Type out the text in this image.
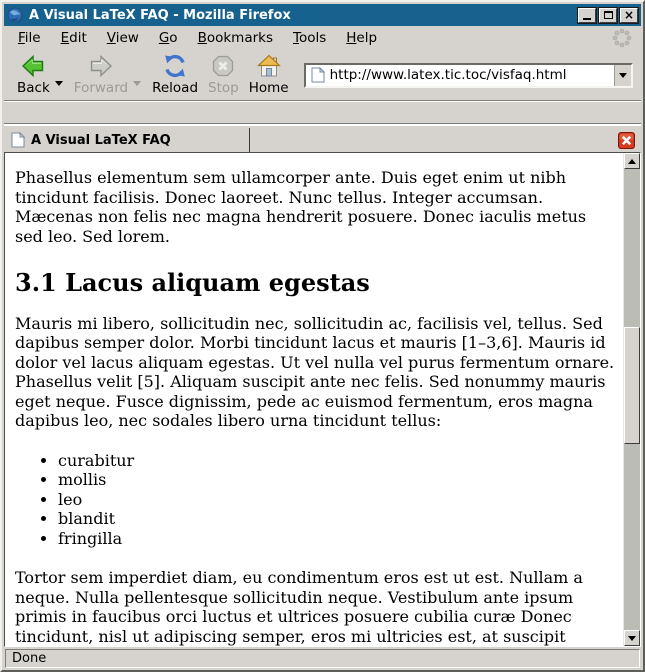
A Visual LaTeX FAQ - Mozilla Firefox	×
File	Edit	View	Go	Bookmarks	Tools	Help
Back Forward Reload Stop Home
http://www.latex.tic.toc/visfaq.html
A Visual LaTeX FAQ

Phasellus elementum sem ullamcorper ante. Duis eget enim ut nibh tincidunt facilisis. Donec laoreet. Nunc tellus. Integer accumsan. Mæcenas non felis nec magna hendrerit posuere. Donec iaculis metus sed leo. Sed lorem.

3.1 Lacus aliquam egestas

Mauris mi libero, sollicitudin nec, sollicitudin ac, facilisis vel, tellus. Sed dapibus semper dolor. Morbi tincidunt lacus et mauris [1–3,6]. Mauris id dolor vel lacus aliquam egestas. Ut vel nulla vel purus fermentum ornare. Phasellus velit [5]. Aliquam suscipit ante nec felis. Sed nonummy mauris eget neque. Fusce dignissim, pede ac euismod fermentum, eros magna dapibus leo, nec sodales libero urna tincidunt tellus:

• curabitur
• mollis
• leo
• blandit
• fringilla

Tortor sem imperdiet diam, eu condimentum eros est ut est. Nullam a neque. Nulla pellentesque sollicitudin neque. Vestibulum ante ipsum primis in faucibus orci luctus et ultrices posuere cubilia curæ Donec tincidunt, nisl ut adipiscing semper, eros mi ultricies est, at suscipit

Done
